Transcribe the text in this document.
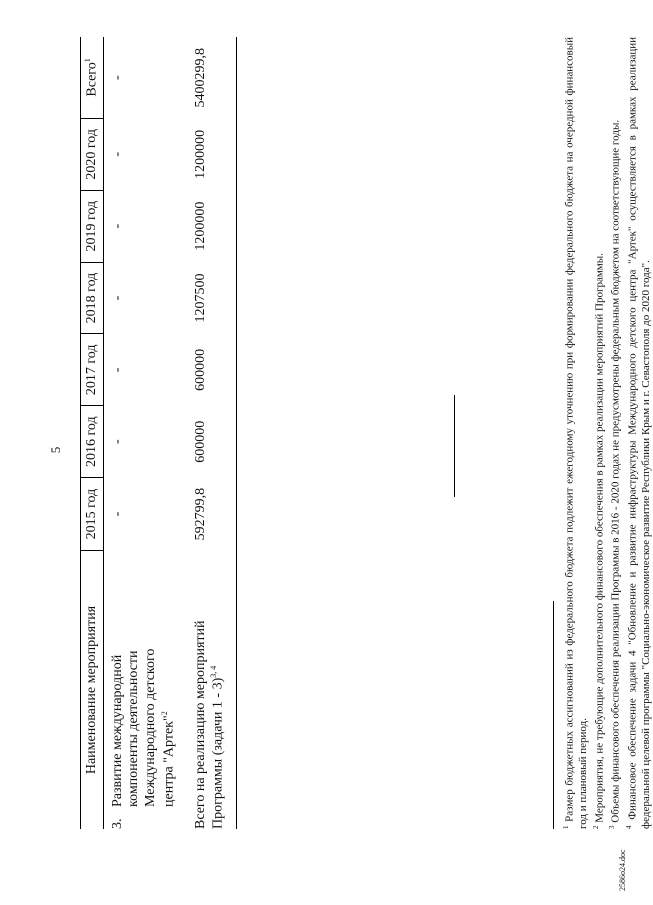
5
Наименование мероприятия	2015 год	2016 год	2017 год	2018 год	2019 год	2020 год	Всего$^1$
3.Развитие международной компоненты деятельности Международного детского центра "Артек"$^2$	-	-	-	-	-	-	-
Всего на реализацию мероприятий Программы (задачи 1 - 3)$^{3, 4}$	592799,8	600000	600000	1207500	1200000	1200000	5400299,8

$^1$ Размер бюджетных ассигнований из федерального бюджета подлежит ежегодному уточнению при формировании федерального бюджета на очередной финансовый год и плановый период. $^2$ Мероприятия, не требующие дополнительного финансового обеспечения в рамках реализации мероприятий Программы.

$^3$ Объемы финансового обеспечения реализации Программы в 2016 - 2020 годах не предусмотрены федеральным бюджетом на соответствующие годы.

$^4$ Финансовое обеспечение задачи 4 "Обновление и развитие инфраструктуры Международного детского центра "Артек" осуществляется в рамках реализации федеральной целевой программы "Социально-экономическое развитие Республики Крым и г. Севастополя до 2020 года".

2586о24.doc
